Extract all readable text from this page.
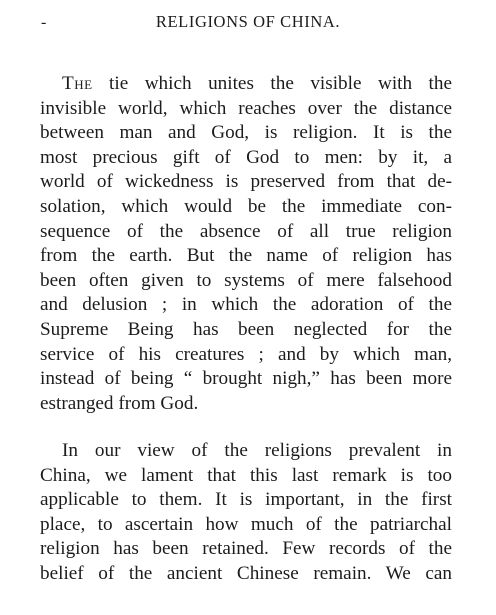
-	RELIGIONS OF CHINA.
The tie which unites the visible with the
invisible world, which reaches over the distance
between man and God, is religion. It is the
most precious gift of God to men: by it, a
world of wickedness is preserved from that de-
solation, which would be the immediate con-
sequence of the absence of all true religion
from the earth. But the name of religion has
been often given to systems of mere falsehood
and delusion ; in which the adoration of the
Supreme Being has been neglected for the
service of his creatures ; and by which man,
instead of being “ brought nigh,” has been more
estranged from God.
In our view of the religions prevalent in
China, we lament that this last remark is too
applicable to them. It is important, in the first
place, to ascertain how much of the patriarchal
religion has been retained. Few records of the
belief of the ancient Chinese remain. We can
